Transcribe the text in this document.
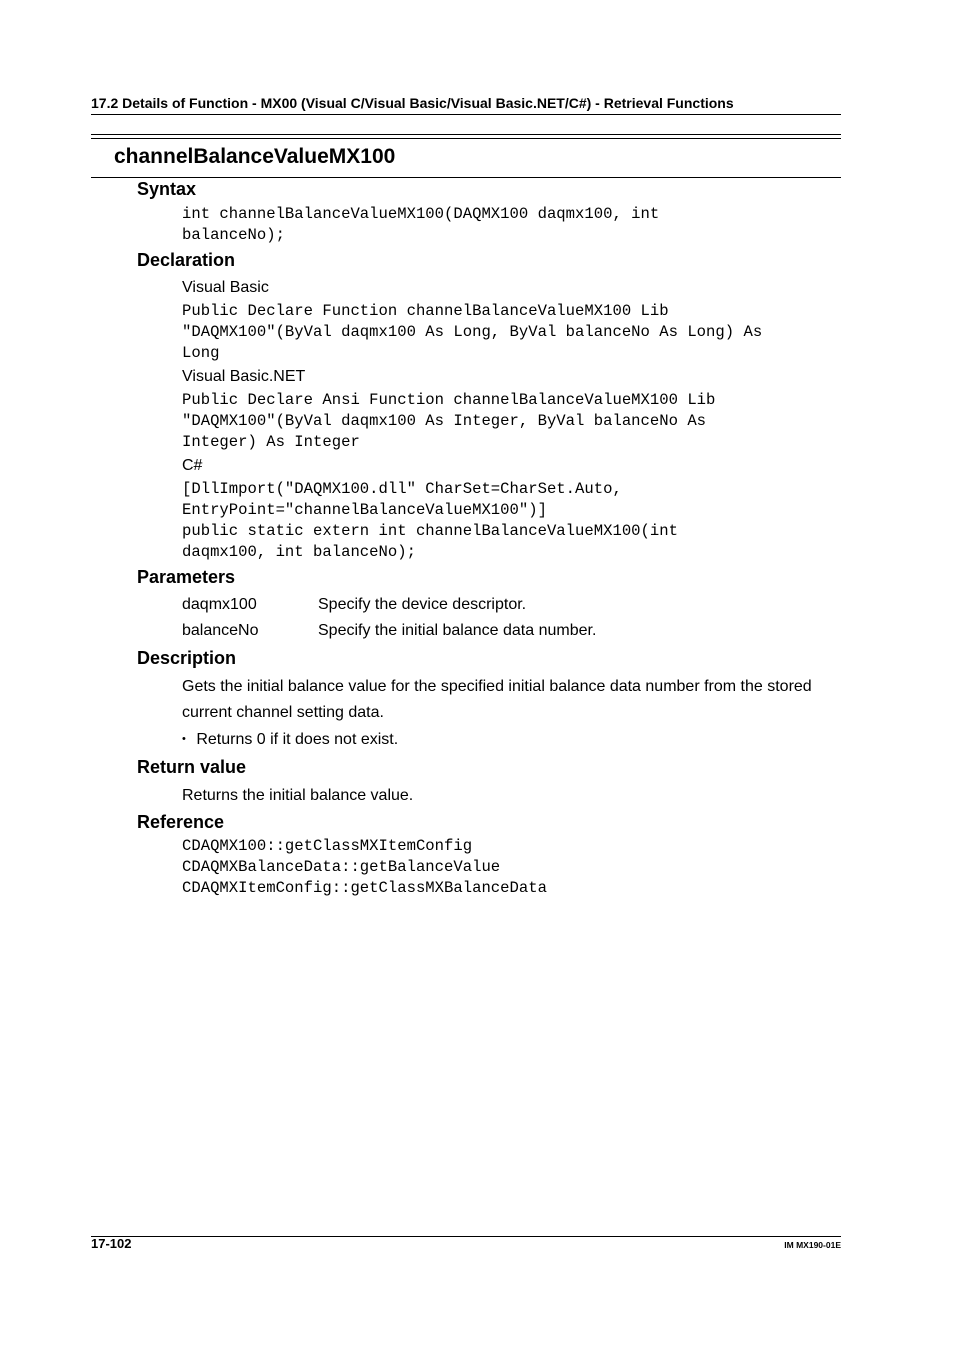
17.2 Details of Function - MX00 (Visual C/Visual Basic/Visual Basic.NET/C#) - Retrieval Functions
channelBalanceValueMX100
Syntax
int channelBalanceValueMX100(DAQMX100 daqmx100, int
balanceNo);
Declaration
Visual Basic
Public Declare Function channelBalanceValueMX100 Lib
"DAQMX100"(ByVal daqmx100 As Long, ByVal balanceNo As Long) As
Long
Visual Basic.NET
Public Declare Ansi Function channelBalanceValueMX100 Lib
"DAQMX100"(ByVal daqmx100 As Integer, ByVal balanceNo As
Integer) As Integer
C#
[DllImport("DAQMX100.dll" CharSet=CharSet.Auto,
EntryPoint="channelBalanceValueMX100")]
public static extern int channelBalanceValueMX100(int
daqmx100, int balanceNo);
Parameters
daqmx100	Specify the device descriptor.
balanceNo	Specify the initial balance data number.
Description
Gets the initial balance value for the specified initial balance data number from the stored current channel setting data.
• Returns 0 if it does not exist.
Return value
Returns the initial balance value.
Reference
CDAQMX100::getClassMXItemConfig
CDAQMXBalanceData::getBalanceValue
CDAQMXItemConfig::getClassMXBalanceData
17-102	IM MX190-01E
